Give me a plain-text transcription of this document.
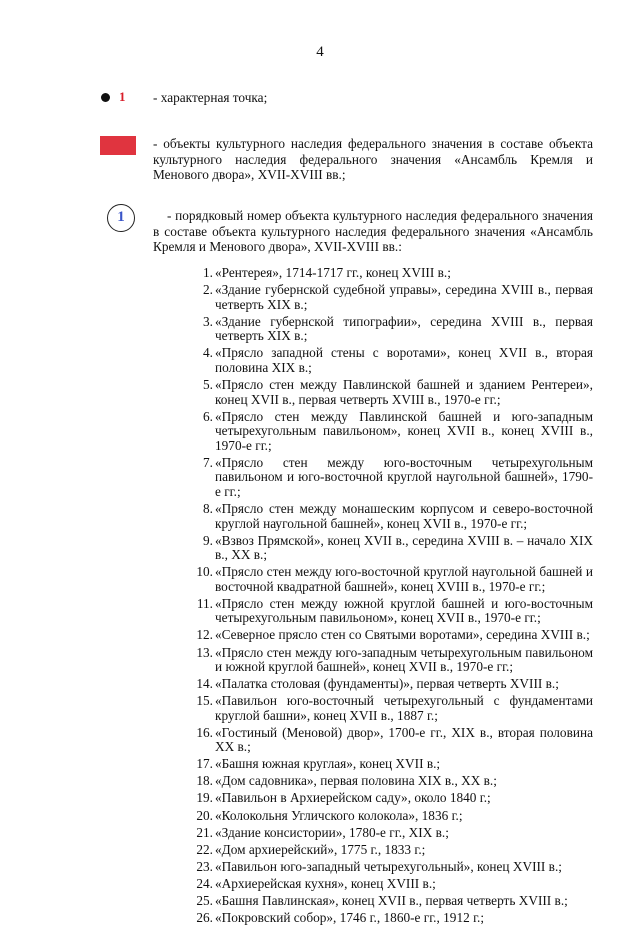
4
1 - характерная точка;
- объекты культурного наследия федерального значения в составе объекта культурного наследия федерального значения «Ансамбль Кремля и Менового двора», XVII-XVIII вв.;
1	- порядковый номер объекта культурного наследия федерального значения в составе объекта культурного наследия федерального значения «Ансамбль Кремля и Менового двора», XVII-XVIII вв.:
1. «Рентерея», 1714-1717 гг., конец XVIII в.;
2. «Здание губернской судебной управы», середина XVIII в., первая четверть XIX в.;
3. «Здание губернской типографии», середина XVIII в., первая четверть XIX в.;
4. «Прясло западной стены с воротами», конец XVII в., вторая половина XIX в.;
5. «Прясло стен между Павлинской башней и зданием Рентереи», конец XVII в., первая четверть XVIII в., 1970-е гг.;
6. «Прясло стен между Павлинской башней и юго-западным четырехугольным павильоном», конец XVII в., конец XVIII в., 1970-е гг.;
7. «Прясло стен между юго-восточным четырехугольным павильоном и юго-восточной круглой наугольной башней», 1790-е гг.;
8. «Прясло стен между монашеским корпусом и северо-восточной круглой наугольной башней», конец XVII в., 1970-е гг.;
9. «Взвоз Прямской», конец XVII в., середина XVIII в. – начало XIX в., XX в.;
10. «Прясло стен между юго-восточной круглой наугольной башней и восточной квадратной башней», конец XVIII в., 1970-е гг.;
11. «Прясло стен между южной круглой башней и юго-восточным четырехугольным павильоном», конец XVII в., 1970-е гг.;
12. «Северное прясло стен со Святыми воротами», середина XVIII в.;
13. «Прясло стен между юго-западным четырехугольным павильоном и южной круглой башней», конец XVII в., 1970-е гг.;
14. «Палатка столовая (фундаменты)», первая четверть XVIII в.;
15. «Павильон юго-восточный четырехугольный с фундаментами круглой башни», конец XVII в., 1887 г.;
16. «Гостиный (Меновой) двор», 1700-е гг., XIX в., вторая половина XX в.;
17. «Башня южная круглая», конец XVII в.;
18. «Дом садовника», первая половина XIX в., XX в.;
19. «Павильон в Архиерейском саду», около 1840 г.;
20. «Колокольня Угличского колокола», 1836 г.;
21. «Здание консистории», 1780-е гг., XIX в.;
22. «Дом архиерейский», 1775 г., 1833 г.;
23. «Павильон юго-западный четырехугольный», конец XVIII в.;
24. «Архиерейская кухня», конец XVIII в.;
25. «Башня Павлинская», конец XVII в., первая четверть XVIII в.;
26. «Покровский собор», 1746 г., 1860-е гг., 1912 г.;
